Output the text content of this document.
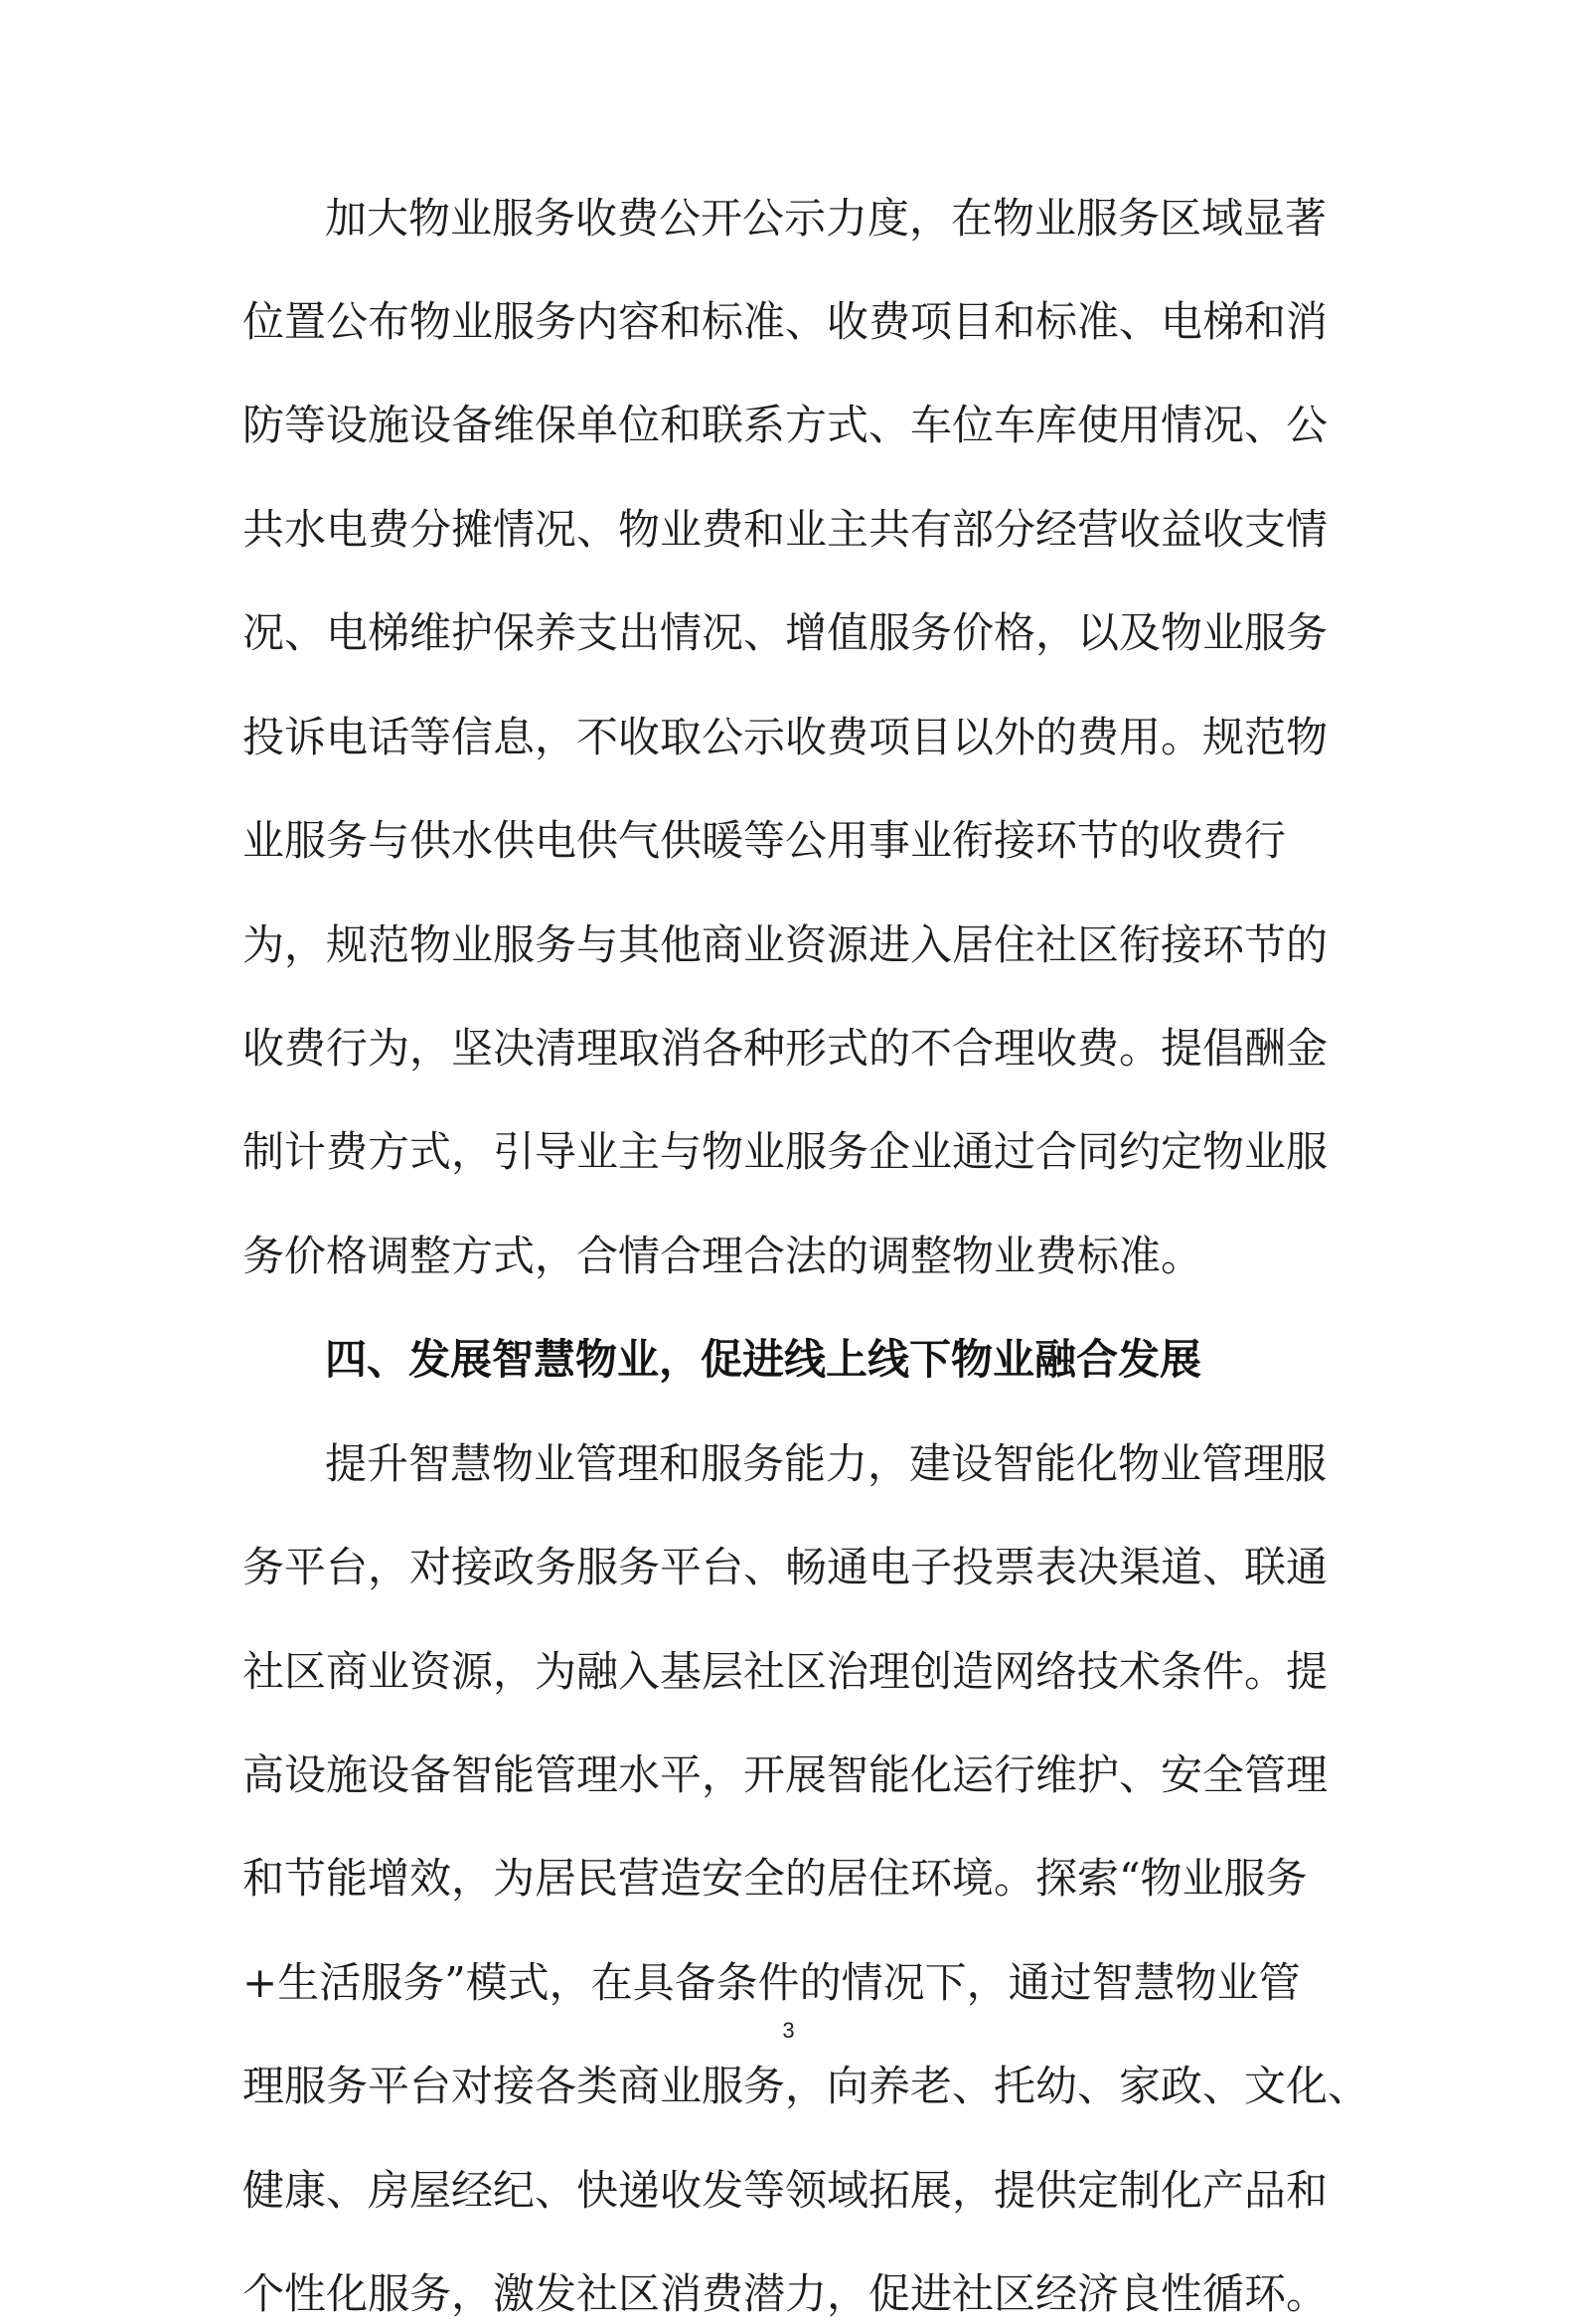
加大物业服务收费公开公示力度，在物业服务区域显著
位置公布物业服务内容和标准、收费项目和标准、电梯和消
防等设施设备维保单位和联系方式、车位车库使用情况、公
共水电费分摊情况、物业费和业主共有部分经营收益收支情
况、电梯维护保养支出情况、增值服务价格，以及物业服务
投诉电话等信息，不收取公示收费项目以外的费用。规范物
业服务与供水供电供气供暖等公用事业衔接环节的收费行
为，规范物业服务与其他商业资源进入居住社区衔接环节的
收费行为，坚决清理取消各种形式的不合理收费。提倡酬金
制计费方式，引导业主与物业服务企业通过合同约定物业服
务价格调整方式，合情合理合法的调整物业费标准。
四、发展智慧物业，促进线上线下物业融合发展
提升智慧物业管理和服务能力，建设智能化物业管理服
务平台，对接政务服务平台、畅通电子投票表决渠道、联通
社区商业资源，为融入基层社区治理创造网络技术条件。提
高设施设备智能管理水平，开展智能化运行维护、安全管理
和节能增效，为居民营造安全的居住环境。探索“物业服务
+生活服务”模式，在具备条件的情况下，通过智慧物业管
理服务平台对接各类商业服务，向养老、托幼、家政、文化、
健康、房屋经纪、快递收发等领域拓展，提供定制化产品和
个性化服务，激发社区消费潜力，促进社区经济良性循环。
3
